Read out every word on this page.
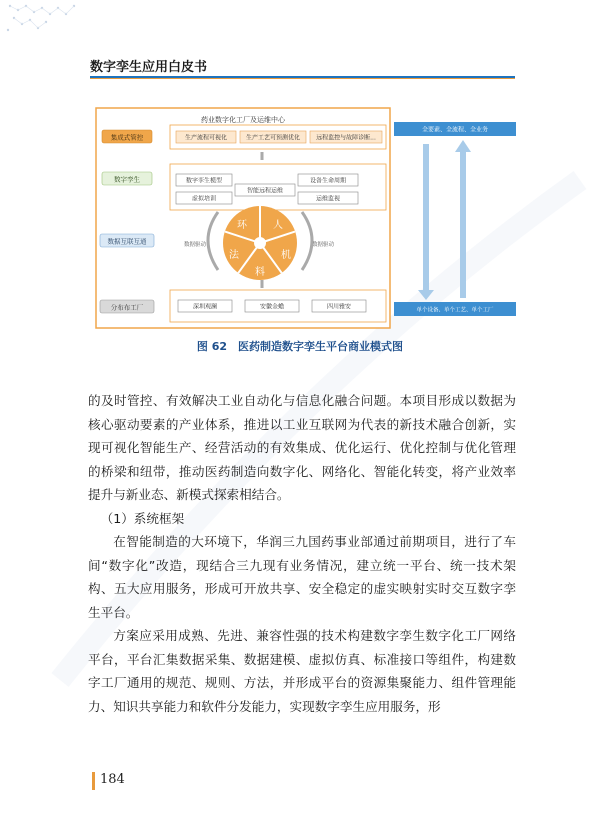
数字孪生应用白皮书
药业数字化工厂及运维中心
集成式管控	生产流程可视化	生产工艺可预测优化	远程监控与故障诊断...
数字孪生	数字孪生模型
虚拟培训
智能远程运维
设备生命周期
运维监视
数据互联互通	数据驱动	数据驱动
环	人
机
料
法
分布布工厂	深圳观澜	安徽金蟾	四川雅安
全要素、全流程、全业务
单个设备、单个工艺、单个工厂
图 62　医药制造数字孪生平台商业模式图

的及时管控、有效解决工业自动化与信息化融合问题。本项目形成以数据为核心驱动要素的产业体系，推进以工业互联网为代表的新技术融合创新，实现可视化智能生产、经营活动的有效集成、优化运行、优化控制与优化管理的桥梁和纽带，推动医药制造向数字化、网络化、智能化转变，将产业效率提升与新业态、新模式探索相结合。

（1）系统框架

在智能制造的大环境下，华润三九国药事业部通过前期项目，进行了车间“数字化”改造，现结合三九现有业务情况，建立统一平台、统一技术架构、五大应用服务，形成可开放共享、安全稳定的虚实映射实时交互数字孪生平台。

方案应采用成熟、先进、兼容性强的技术构建数字孪生数字化工厂网络平台，平台汇集数据采集、数据建模、虚拟仿真、标准接口等组件，构建数字工厂通用的规范、规则、方法，并形成平台的资源集聚能力、组件管理能力、知识共享能力和软件分发能力，实现数字孪生应用服务，形

184
